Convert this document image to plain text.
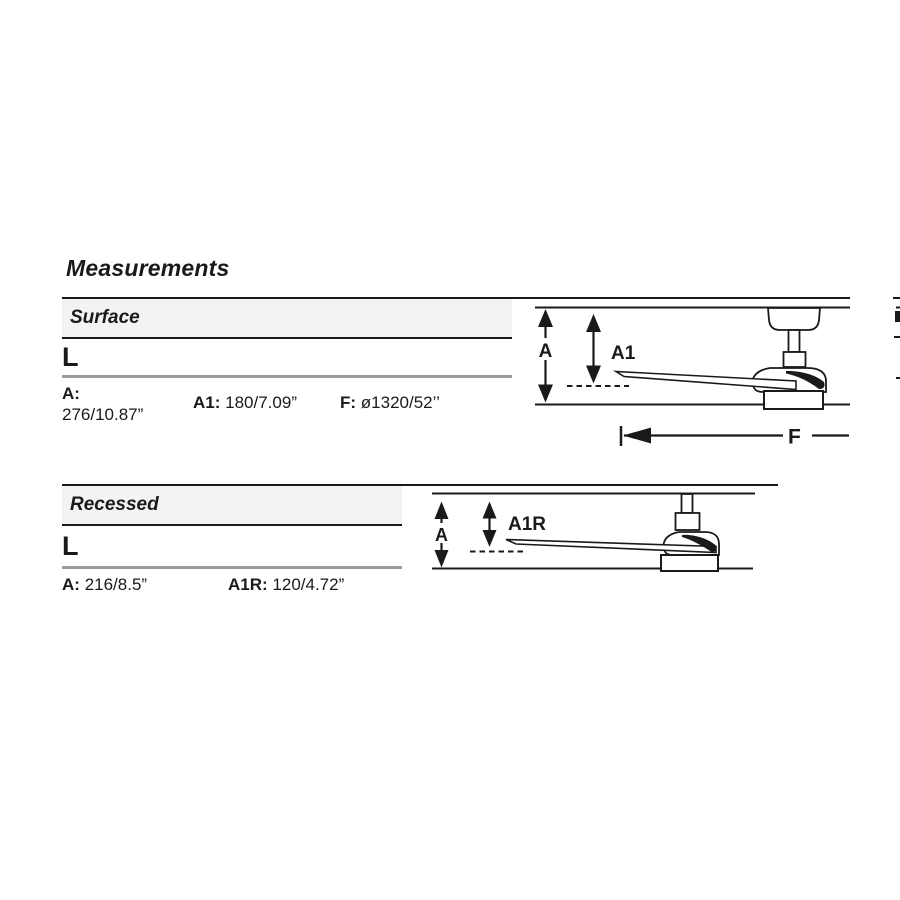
Measurements
Surface
L
A:
276/10.87”
A1: 180/7.09”	F: ø1320/52’’
A	A1
F
Recessed
L
A: 216/8.5”	A1R: 120/4.72”
A	A1R
